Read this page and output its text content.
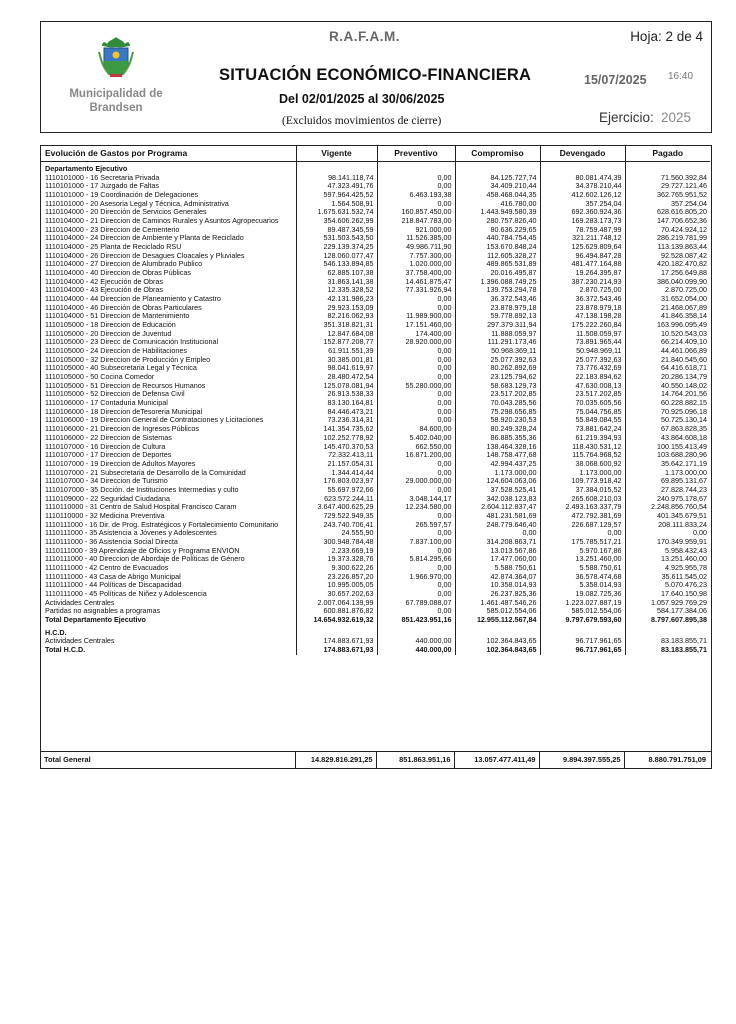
Municipalidad de Brandsen
R.A.F.A.M.	Hoja: 2 de 4
SITUACIÓN ECONÓMICO-FINANCIERA	15/07/2025 16:40
Del 02/01/2025 al 30/06/2025
(Excluidos movimientos de cierre)	Ejercicio: 2025
Evolución de Gastos por Programa	Vigente	Preventivo	Compromiso	Devengado	Pagado

Departamento Ejecutivo					
1110101000 - 16 Secretaria Privada	98.141.118,74	0,00	84.125.727,74	80.081.474,39	71.560.392,84
1110101000 - 17 Juzgado de Faltas	47.323.491,76	0,00	34.409.210,44	34.378.210,44	29.727.121,46
1110101000 - 19 Coordinación de Delegaciones	597.964.425,52	6.463.193,38	458.468.044,35	412.602.126,12	362.765.951,52
1110101000 - 20 Asesoria Legal y Técnica, Administrativa	1.564.508,91	0,00	416.780,00	357.254,04	357.254,04
1110104000 - 20 Dirección de Servicios Generales	1.675.631.532,74	160.857.450,00	1.443.949.580,39	692.360.924,36	628.616.805,20
1110104000 - 21 Direccion de Caminos Rurales y Asuntos Agropecuarios	354.606.262,99	218.847.783,00	280.757.826,40	169.283.173,73	147.706.652,36
1110104000 - 23 Direccion de Cementerio	89.487.345,59	921.000,00	80.636.229,65	78.759.487,99	70.424.924,12
1110104000 - 24 Direccion de Ambiente y Planta de Reciclado	531.503.543,50	11.526.385,00	440.784.754,45	321.211.748,12	286.219.781,99
1110104000 - 25 Planta de Reciclado RSU	229.139.374,25	49.986.711,90	153.670.848,24	125.629.809,64	113.139.863,44
1110104000 - 26 Direccion de Desagues Cloacales y Pluviales	128.060.077,47	7.757.300,00	112.605.328,27	96.494.847,28	92.528.087,42
1110104000 - 27 Direccion de Alumbrado Publico	546.133.894,85	1.020.000,00	489.865.531,89	481.477.164,88	420.182.470,82
1110104000 - 40 Direccion de Obras Públicas	62.885.107,38	37.758.400,00	20.016.495,87	19.264.395,87	17.256.649,88
1110104000 - 42 Ejecución de Obras	31.863.141,38	14.461.875,47	1.396.088.749,25	387.230.214,93	386.040.099,90
1110104000 - 43 Ejecución de Obras	12.335.328,52	77.331.926,94	139.753.294,78	2.870.725,00	2.870.725,00
1110104000 - 44 Direccion de Planeamiento y Catastro	42.131.986,23	0,00	36.372.543,46	36.372.543,46	31.652.054,00
1110104000 - 46 Dirección de Obras Particulares	29.923.153,09	0,00	23.878.979,18	23.878.979,18	21.468.067,89
1110104000 - 51 Direccion de Mantenimiento	82.216.062,93	11.989.900,00	59.778.892,13	47.138.198,28	41.846.358,14
1110105000 - 18 Direccion de Educación	351.318.821,31	17.151.460,00	297.379.311,94	175.222.260,84	163.996.095,49
1110105000 - 20 Direccion de Juventud	12.847.684,08	174.400,00	11.888.059,97	11.508.059,97	10.520.543,03
1110105000 - 23 Direcc de Comunicación Institucional	152.877.208,77	28.920.000,00	111.291.173,46	73.891.965,44	66.214.409,10
1110105000 - 24 Direccion de Habilitaciones	61.911.551,39	0,00	50.968.369,11	50.948.969,11	44.461.066,89
1110105000 - 32 Direccion de Producción y Empleo	30.385.001,81	0,00	25.077.392,63	25.077.392,63	21.840.545,60
1110105000 - 40 Subsecretaria Legal y Técnica	98.041.619,97	0,00	80.262.892,69	73.776.432,69	64.416.618,71
1110105000 - 50 Cocina Comedor	28.480.472,54	0,00	23.125.794,62	22.183.894,62	20.286.134,79
1110105000 - 51 Direccion de Recursos Humanos	125.078.081,94	55.280.000,00	58.683.129,73	47.630.008,13	40.550.148,02
1110105000 - 52 Direccion de Defensa Civil	26.913.538,33	0,00	23.517.202,85	23.517.202,85	14.764.201,56
1110106000 - 17 Contaduria Municipal	83.130.164,81	0,00	70.043.285,56	70.035.605,56	60.228.882,15
1110106000 - 18 Direccion deTesoreria Municipal	84.446.473,21	0,00	75.298.656,85	75.044.756,85	70.925.096,18
1110106000 - 19 Direccion General de Contrataciones y Licitaciones	73.236.314,31	0,00	58.920.230,53	55.849.084,55	50.725.130,14
1110106000 - 21 Direccion de Ingresos Públicos	141.354.735,62	84.600,00	80.249.328,24	73.881.642,24	67.863.828,35
1110106000 - 22 Direccion de Sistemas	102.252.778,92	5.402.040,00	86.885.355,36	61.219.394,93	43.864.608,18
1110107000 - 16 Direccion de Cultura	145.470.370,53	662.550,00	138.464.328,16	118.430.531,12	100.155.413,49
1110107000 - 17 Direccion de Deportes	72.332.413,11	16.871.200,00	148.758.477,68	115.764.968,52	103.688.280,96
1110107000 - 19 Direccion de Adultos Mayores	21.157.054,31	0,00	42.994.437,25	38.068.600,92	35.642.171,19
1110107000 - 21 Subsecretaria de Desarrollo de la Comunidad	1.344.414,44	0,00	1.173.000,00	1.173.000,00	1.173.000,00
1110107000 - 34 Direccion de Turismo	176.803.023,97	29.000.000,00	124.604.063,06	109.773.918,42	69.895.131,67
1110107000 - 35 Dcción. de Instituciones Intermedias y culto	55.697.972,66	0,00	37.528.525,41	37.384.015,52	27.828.744,23
1110109000 - 22 Seguridad Ciudadana	623.572.244,11	3.048.144,17	342.038.123,83	265.608.210,03	240.975.178,67
1110110000 - 31 Centro de Salud Hospital Francisco Caram	3.647.400.625,29	12.234.580,00	2.604.112.837,47	2.493.163.337,79	2.248.856.760,54
1110110000 - 32 Medicina Preventiva	729.522.949,35	0,00	481.231.581,69	472.792.381,69	401.345.679,51
1110111000 - 16 Dir. de Prog. Estratégicos y Fortalecimiento Comunitario	243.740.706,41	265.597,57	248.779.646,40	226.687.129,57	208.111.833,24
1110111000 - 35 Asistencia a Jóvenes y Adolescentes	24.555,90	0,00	0,00	0,00	0,00
1110111000 - 36 Asistencia Social Directa	300.948.784,48	7.837.100,00	314.208.863,71	175.785.517,21	170.349.959,91
1110111000 - 39 Aprendizaje de Oficios y Programa ENVIÓN	2.233.669,19	0,00	13.013.567,86	5.970.167,86	5.958.432,43
1110111000 - 40 Direccion de Abordaje de Políticas de Género	19.373.328,76	5.814.295,66	17.477.060,00	13.251.460,00	13.251.460,00
1110111000 - 42 Centro de Evacuados	9.300.622,26	0,00	5.588.750,61	5.588.750,61	4.925.955,78
1110111000 - 43 Casa de Abrigo Municipal	23.226.857,20	1.966.970,00	42.874.364,07	36.578.474,68	35.611.545,02
1110111000 - 44 Políticas de Discapacidad	10.995.005,05	0,00	10.358.014,93	5.358.014,93	5.070.476,23
1110111000 - 45 Políticas de Niñez y Adolescencia	30.657.202,63	0,00	26.237.825,36	19.082.725,36	17.640.150,98
Actividades Centrales	2.007.064.139,99	67.789.088,07	1.461.487.546,26	1.223.027.887,19	1.057.929.769,29
Partidas no asignables a programas	600.881.876,82	0,00	585.012.554,06	585.012.554,06	584.177.384,06
Total Departamento Ejecutivo	14.654.932.619,32	851.423.951,16	12.955.112.567,84	9.797.679.593,60	8.797.607.895,38

H.C.D.					
Actividades Centrales	174.883.671,93	440.000,00	102.364.843,65	96.717.961,65	83.183.855,71
Total H.C.D.	174.883.671,93	440.000,00	102.364.843,65	96.717.961,65	83.183.855,71
Total General	14.829.816.291,25	851.863.951,16	13.057.477.411,49	9.894.397.555,25	8.880.791.751,09
